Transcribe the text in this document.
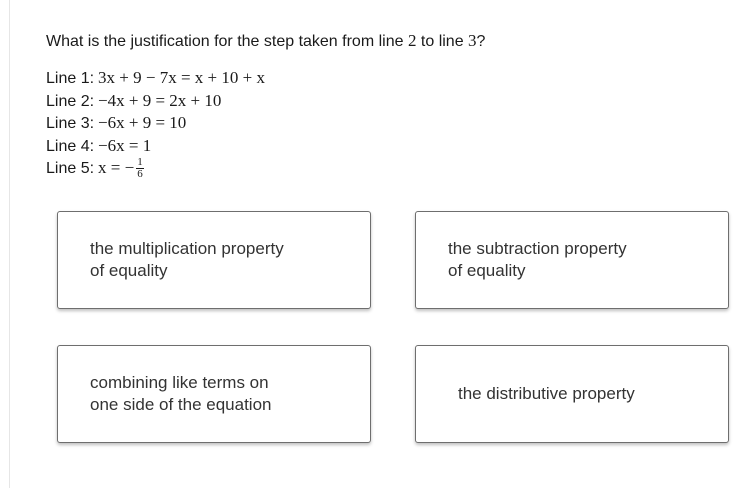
What is the justification for the step taken from line 2 to line 3?
Line 1: 3x + 9 − 7x = x + 10 + x
Line 2: −4x + 9 = 2x + 10
Line 3: −6x + 9 = 10
Line 4: −6x = 1
Line 5: x = − $\frac{1}{6}$
the multiplication property
of equality
the subtraction property
of equality
combining like terms on
one side of the equation
the distributive property
